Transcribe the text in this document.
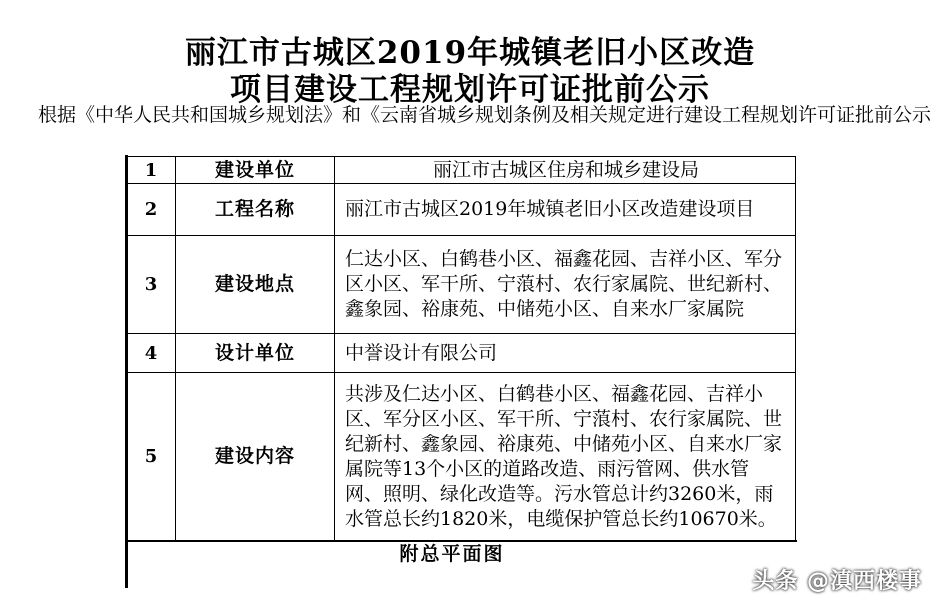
丽江市古城区2019年城镇老旧小区改造
项目建设工程规划许可证批前公示

根据《中华人民共和国城乡规划法》和《云南省城乡规划条例及相关规定进行建设工程规划许可证批前公示

1	建设单位	丽江市古城区住房和城乡建设局
2	工程名称	丽江市古城区2019年城镇老旧小区改造建设项目
3	建设地点	仁达小区、白鹤巷小区、福鑫花园、吉祥小区、军分区小区、军干所、宁蒗村、农行家属院、世纪新村、鑫象园、裕康苑、中储苑小区、自来水厂家属院
4	设计单位	中誉设计有限公司
5	建设内容	共涉及仁达小区、白鹤巷小区、福鑫花园、吉祥小区、军分区小区、军干所、宁蒗村、农行家属院、世纪新村、鑫象园、裕康苑、中储苑小区、自来水厂家属院等13个小区的道路改造、雨污管网、供水管网、照明、绿化改造等。污水管总计约3260米，雨水管总长约1820米，电缆保护管总长约10670米。
附总平面图
头条 @滇西楼事
